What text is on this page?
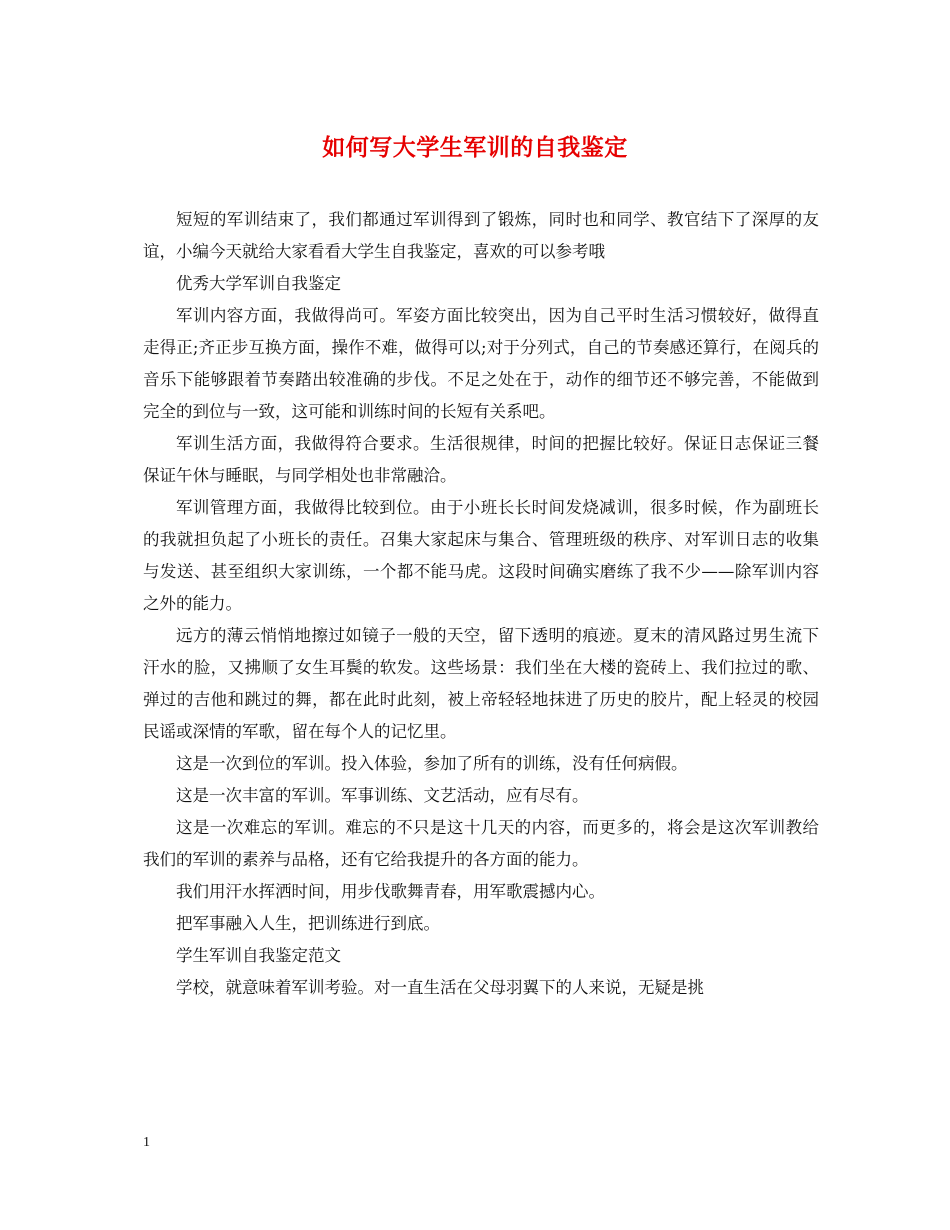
如何写大学生军训的自我鉴定

短短的军训结束了，我们都通过军训得到了锻炼，同时也和同学、教官结下了深厚的友谊，小编今天就给大家看看大学生自我鉴定，喜欢的可以参考哦

优秀大学军训自我鉴定

军训内容方面，我做得尚可。军姿方面比较突出，因为自己平时生活习惯较好，做得直走得正;齐正步互换方面，操作不难，做得可以;对于分列式，自己的节奏感还算行，在阅兵的音乐下能够跟着节奏踏出较准确的步伐。不足之处在于，动作的细节还不够完善，不能做到完全的到位与一致，这可能和训练时间的长短有关系吧。

军训生活方面，我做得符合要求。生活很规律，时间的把握比较好。保证日志保证三餐保证午休与睡眠，与同学相处也非常融洽。

军训管理方面，我做得比较到位。由于小班长长时间发烧减训，很多时候，作为副班长的我就担负起了小班长的责任。召集大家起床与集合、管理班级的秩序、对军训日志的收集与发送、甚至组织大家训练，一个都不能马虎。这段时间确实磨练了我不少——除军训内容之外的能力。

远方的薄云悄悄地擦过如镜子一般的天空，留下透明的痕迹。夏末的清风路过男生流下汗水的脸，又拂顺了女生耳鬓的软发。这些场景：我们坐在大楼的瓷砖上、我们拉过的歌、弹过的吉他和跳过的舞，都在此时此刻，被上帝轻轻地抹进了历史的胶片，配上轻灵的校园民谣或深情的军歌，留在每个人的记忆里。

这是一次到位的军训。投入体验，参加了所有的训练，没有任何病假。

这是一次丰富的军训。军事训练、文艺活动，应有尽有。

这是一次难忘的军训。难忘的不只是这十几天的内容，而更多的，将会是这次军训教给我们的军训的素养与品格，还有它给我提升的各方面的能力。

我们用汗水挥洒时间，用步伐歌舞青春，用军歌震撼内心。

把军事融入人生，把训练进行到底。

学生军训自我鉴定范文

学校，就意味着军训考验。对一直生活在父母羽翼下的人来说，无疑是挑

1
